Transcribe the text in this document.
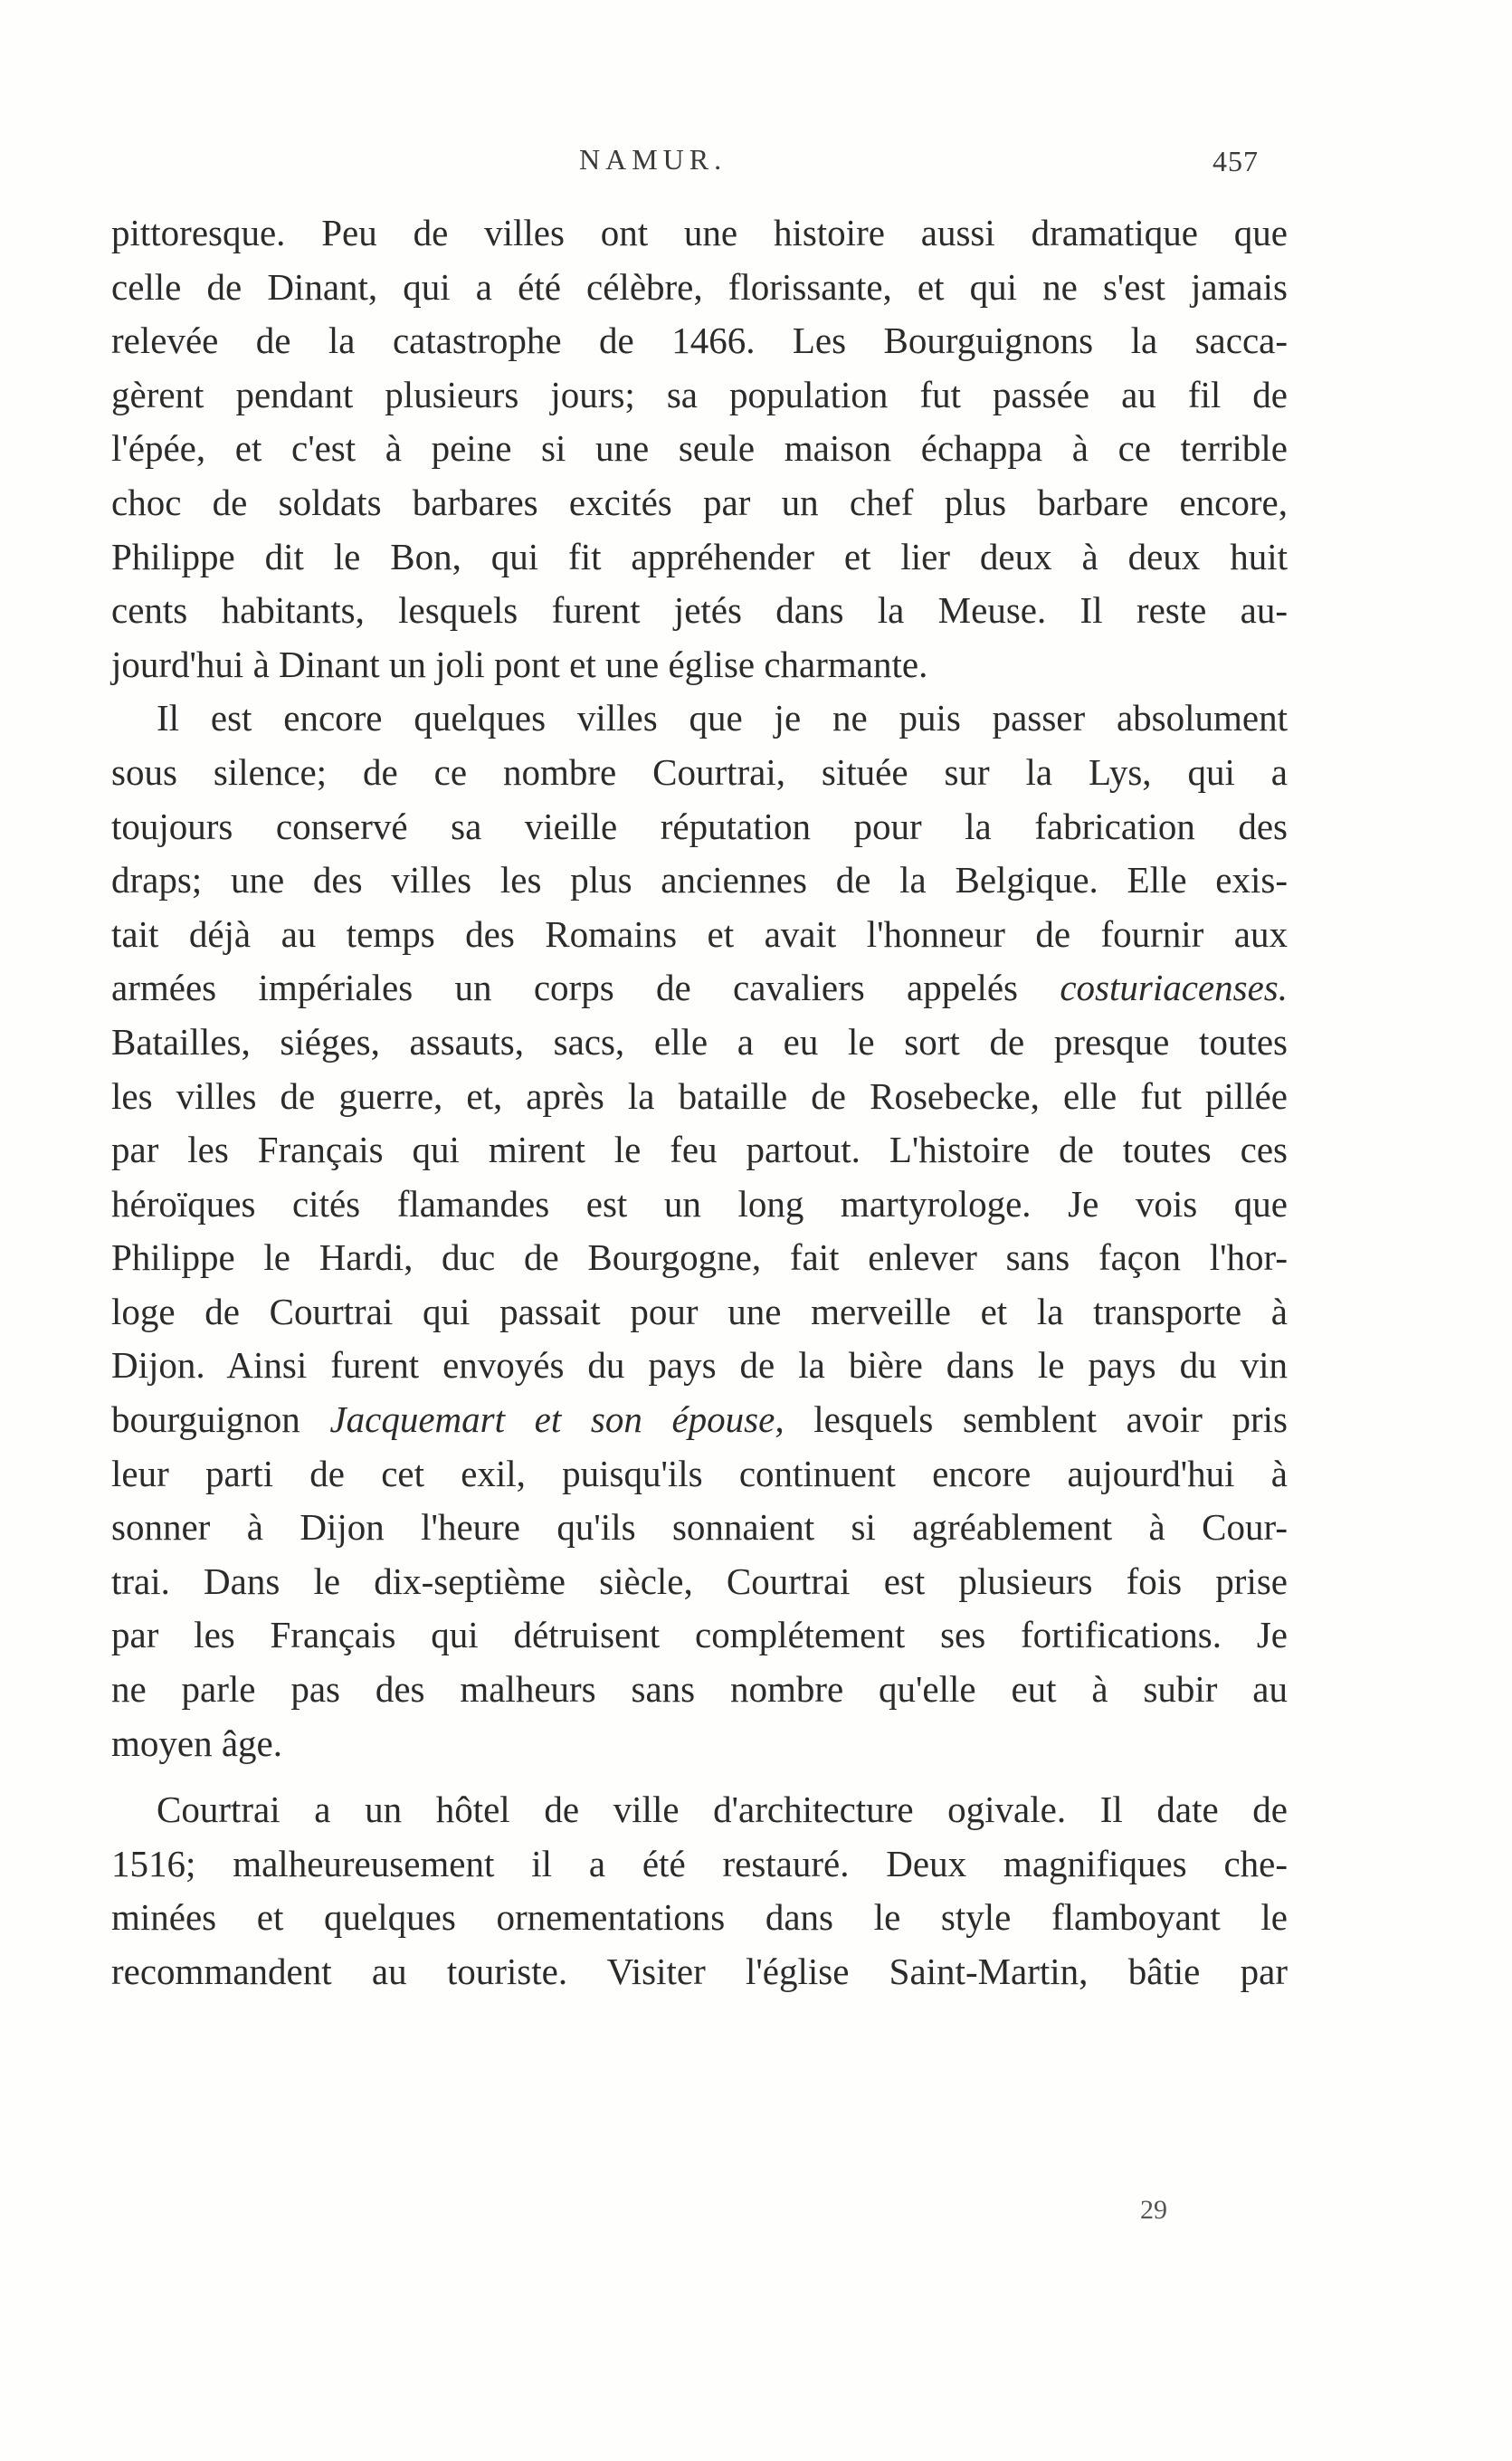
NAMUR.	457
pittoresque. Peu de villes ont une histoire aussi dramatique que
celle de Dinant, qui a été célèbre, florissante, et qui ne s'est jamais
relevée de la catastrophe de 1466. Les Bourguignons la sacca-
gèrent pendant plusieurs jours; sa population fut passée au fil de
l'épée, et c'est à peine si une seule maison échappa à ce terrible
choc de soldats barbares excités par un chef plus barbare encore,
Philippe dit le Bon, qui fit appréhender et lier deux à deux huit
cents habitants, lesquels furent jetés dans la Meuse. Il reste au-
jourd'hui à Dinant un joli pont et une église charmante.
Il est encore quelques villes que je ne puis passer absolument
sous silence; de ce nombre Courtrai, située sur la Lys, qui a
toujours conservé sa vieille réputation pour la fabrication des
draps; une des villes les plus anciennes de la Belgique. Elle exis-
tait déjà au temps des Romains et avait l'honneur de fournir aux
armées impériales un corps de cavaliers appelés costuriacenses.
Batailles, siéges, assauts, sacs, elle a eu le sort de presque toutes
les villes de guerre, et, après la bataille de Rosebecke, elle fut pillée
par les Français qui mirent le feu partout. L'histoire de toutes ces
héroïques cités flamandes est un long martyrologe. Je vois que
Philippe le Hardi, duc de Bourgogne, fait enlever sans façon l'hor-
loge de Courtrai qui passait pour une merveille et la transporte à
Dijon. Ainsi furent envoyés du pays de la bière dans le pays du vin
bourguignon Jacquemart et son épouse, lesquels semblent avoir pris
leur parti de cet exil, puisqu'ils continuent encore aujourd'hui à
sonner à Dijon l'heure qu'ils sonnaient si agréablement à Cour-
trai. Dans le dix-septième siècle, Courtrai est plusieurs fois prise
par les Français qui détruisent complétement ses fortifications. Je
ne parle pas des malheurs sans nombre qu'elle eut à subir au
moyen âge.
Courtrai a un hôtel de ville d'architecture ogivale. Il date de
1516; malheureusement il a été restauré. Deux magnifiques che-
minées et quelques ornementations dans le style flamboyant le
recommandent au touriste. Visiter l'église Saint-Martin, bâtie par
29
